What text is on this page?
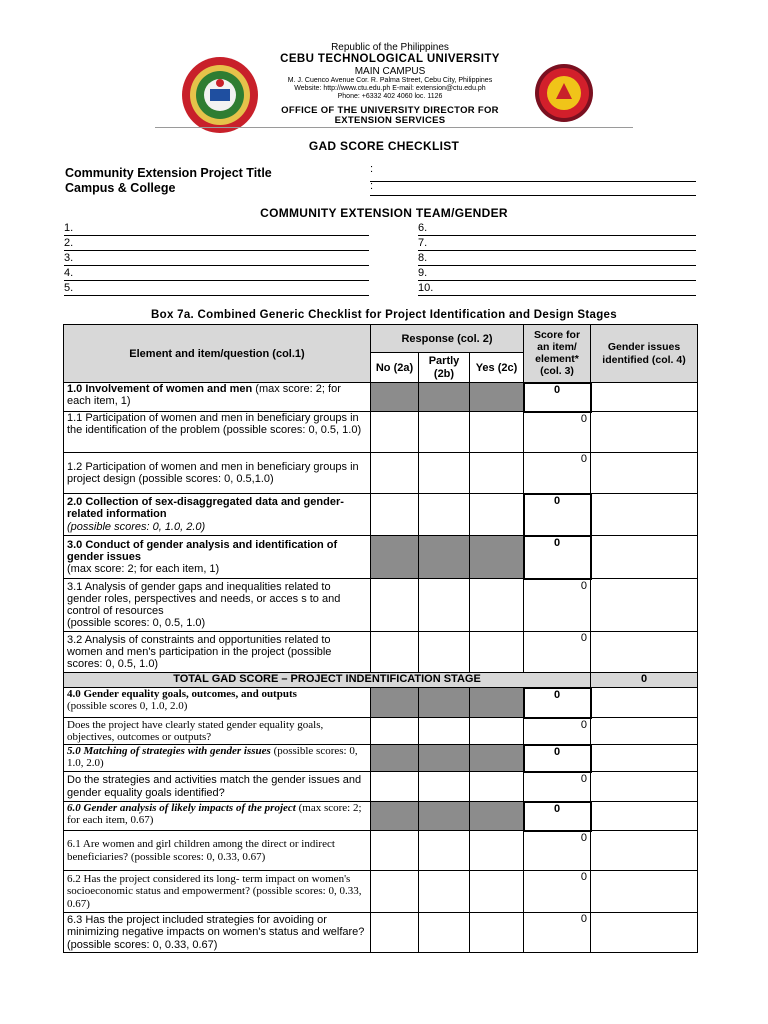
Republic of the Philippines
CEBU TECHNOLOGICAL UNIVERSITY
MAIN CAMPUS
M. J. Cuenco Avenue Cor. R. Palma Street, Cebu City, Philippines
Website: http://www.ctu.edu.ph E-mail: extension@ctu.edu.ph
Phone: +6332 402 4060 loc. 1126
OFFICE OF THE UNIVERSITY DIRECTOR FOR
EXTENSION SERVICES
GAD SCORE CHECKLIST
Community Extension Project Title	:
Campus & College	:
COMMUNITY EXTENSION TEAM/GENDER
1.
2.
3.
4.
5.
6.
7.
8.
9.
10.
Box 7a. Combined Generic Checklist for Project Identification and Design Stages
Element and item/question (col.1)	Response (col. 2)			Score for an item/ element* (col. 3)	Gender issues identified (col. 4)
	No (2a)	Partly (2b)	Yes (2c)		
1.0 Involvement of women and men (max score: 2; for each item, 1)				0	
1.1 Participation of women and men in beneficiary groups in the identification of the problem (possible scores: 0, 0.5, 1.0)				0	
1.2 Participation of women and men in beneficiary groups in project design (possible scores: 0, 0.5,1.0)				0	
2.0 Collection of sex-disaggregated data and gender-related information
(possible scores: 0, 1.0, 2.0)				0	
3.0 Conduct of gender analysis and identification of gender issues
(max score: 2; for each item, 1)				0	
3.1 Analysis of gender gaps and inequalities related to gender roles, perspectives and needs, or acces s to and control of resources
(possible scores: 0, 0.5, 1.0)				0	
3.2 Analysis of constraints and opportunities related to women and men's participation in the project (possible scores: 0, 0.5, 1.0)				0	
TOTAL GAD SCORE – PROJECT INDENTIFICATION STAGE					0
4.0 Gender equality goals, outcomes, and outputs
(possible scores 0, 1.0, 2.0)				0	
Does the project have clearly stated gender equality goals, objectives, outcomes or outputs?				0	
5.0 Matching of strategies with gender issues (possible scores: 0, 1.0, 2.0)				0	
Do the strategies and activities match the gender issues and gender equality goals identified?				0	
6.0 Gender analysis of likely impacts of the project (max score: 2; for each item, 0.67)				0	
6.1 Are women and girl children among the direct or indirect beneficiaries? (possible scores: 0, 0.33, 0.67)				0	
6.2 Has the project considered its long- term impact on women's socioeconomic status and empowerment? (possible scores: 0, 0.33, 0.67)				0	
6.3 Has the project included strategies for avoiding or minimizing negative impacts on women's status and welfare? (possible scores: 0, 0.33, 0.67)				0	
